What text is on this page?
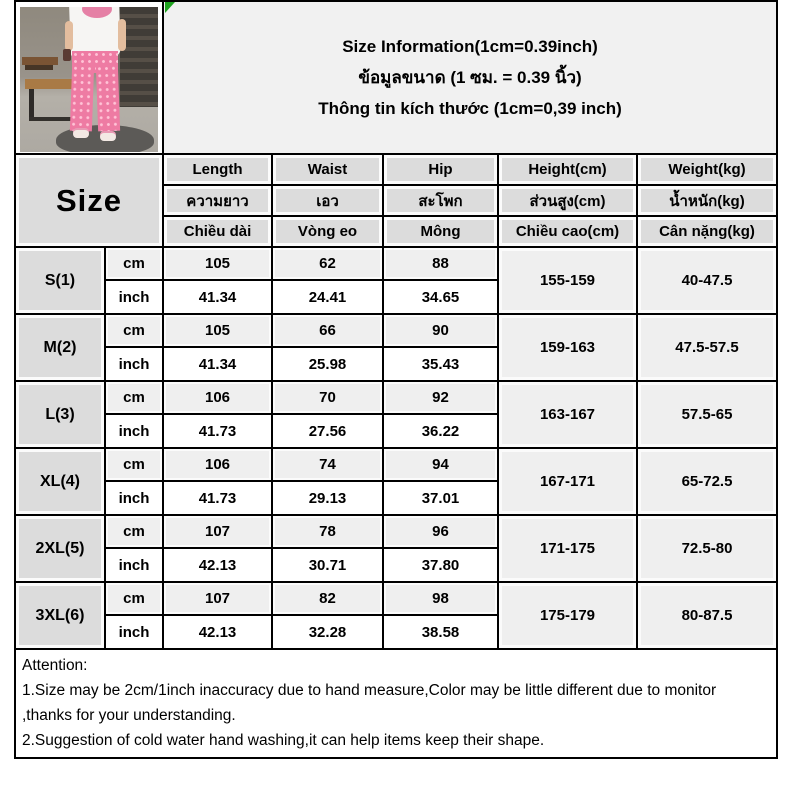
		Size Information(1cm=0.39inch)
ข้อมูลขนาด (1 ซม. = 0.39 นิ้ว)
Thông tin kích thước (1cm=0,39 inch)				

Size		Length	Waist	Hip	Height(cm)	Weight(kg)
		ความยาว	เอว	สะโพก	ส่วนสูง(cm)	น้ำหนัก(kg)
		Chiều dài	Vòng eo	Mông	Chiều cao(cm)	Cân nặng(kg)
S(1)	cm	105	62	88	155-159	40-47.5
	inch	41.34	24.41	34.65		
M(2)	cm	105	66	90	159-163	47.5-57.5
	inch	41.34	25.98	35.43		
L(3)	cm	106	70	92	163-167	57.5-65
	inch	41.73	27.56	36.22		
XL(4)	cm	106	74	94	167-171	65-72.5
	inch	41.73	29.13	37.01		
2XL(5)	cm	107	78	96	171-175	72.5-80
	inch	42.13	30.71	37.80		
3XL(6)	cm	107	82	98	175-179	80-87.5
	inch	42.13	32.28	38.58		

Attention:
1.Size may be 2cm/1inch inaccuracy due to hand measure,Color may be little different due to monitor ,thanks for your understanding.
2.Suggestion of cold water hand washing,it can help items keep their shape.						
